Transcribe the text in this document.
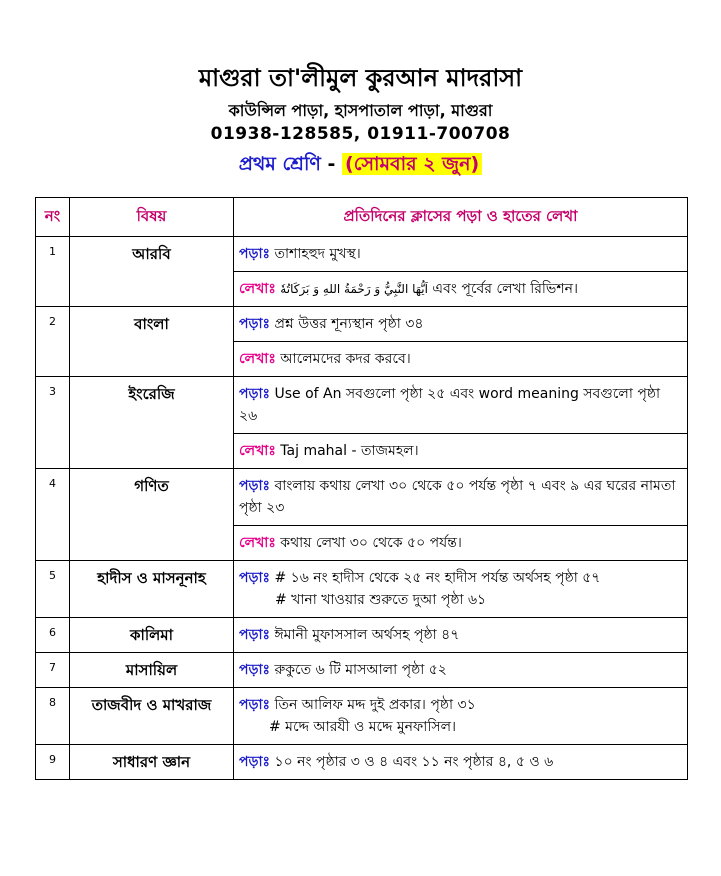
মাগুরা তা'লীমুল কুরআন মাদরাসা
কাউন্সিল পাড়া, হাসপাতাল পাড়া, মাগুরা
01938-128585, 01911-700708
প্রথম শ্রেণি - (সোমবার ২ জুন)
নং	বিষয়	প্রতিদিনের ক্লাসের পড়া ও হাতের লেখা
1	আরবি	পড়াঃ তাশাহহুদ মুখস্থ।
		লেখাঃ اَيُّهَا النَّبِيُّ وَ رَحْمَةُ اللهِ وَ بَرَكَاتُهٗ এবং পূর্বের লেখা রিভিশন।
2	বাংলা	পড়াঃ প্রশ্ন উত্তর শূন্যস্থান পৃষ্ঠা ৩৪
		লেখাঃ আলেমদের কদর করবে।
3	ইংরেজি	পড়াঃ Use of An সবগুলো পৃষ্ঠা ২৫ এবং word meaning সবগুলো পৃষ্ঠা ২৬
		লেখাঃ Taj mahal - তাজমহল।
4	গণিত	পড়াঃ বাংলায় কথায় লেখা ৩০ থেকে ৫০ পর্যন্ত পৃষ্ঠা ৭ এবং ৯ এর ঘরের নামতা পৃষ্ঠা ২৩
		লেখাঃ কথায় লেখা ৩০ থেকে ৫০ পর্যন্ত।
5	হাদীস ও মাসনূনাহ	পড়াঃ # ১৬ নং হাদীস থেকে ২৫ নং হাদীস পর্যন্ত অর্থসহ পৃষ্ঠা ৫৭
# খানা খাওয়ার শুরুতে দুআ পৃষ্ঠা ৬১

6	কালিমা	পড়াঃ ঈমানী মুফাসসাল অর্থসহ পৃষ্ঠা ৪৭
7	মাসায়িল	পড়াঃ রুকুতে ৬ টি মাসআলা পৃষ্ঠা ৫২
8	তাজবীদ ও মাখরাজ	পড়াঃ তিন আলিফ মদ্দ দুই প্রকার। পৃষ্ঠা ৩১
# মদ্দে আরযী ও মদ্দে মুনফাসিল।

9	সাধারণ জ্ঞান	পড়াঃ ১০ নং পৃষ্ঠার ৩ ও ৪ এবং ১১ নং পৃষ্ঠার ৪, ৫ ও ৬
